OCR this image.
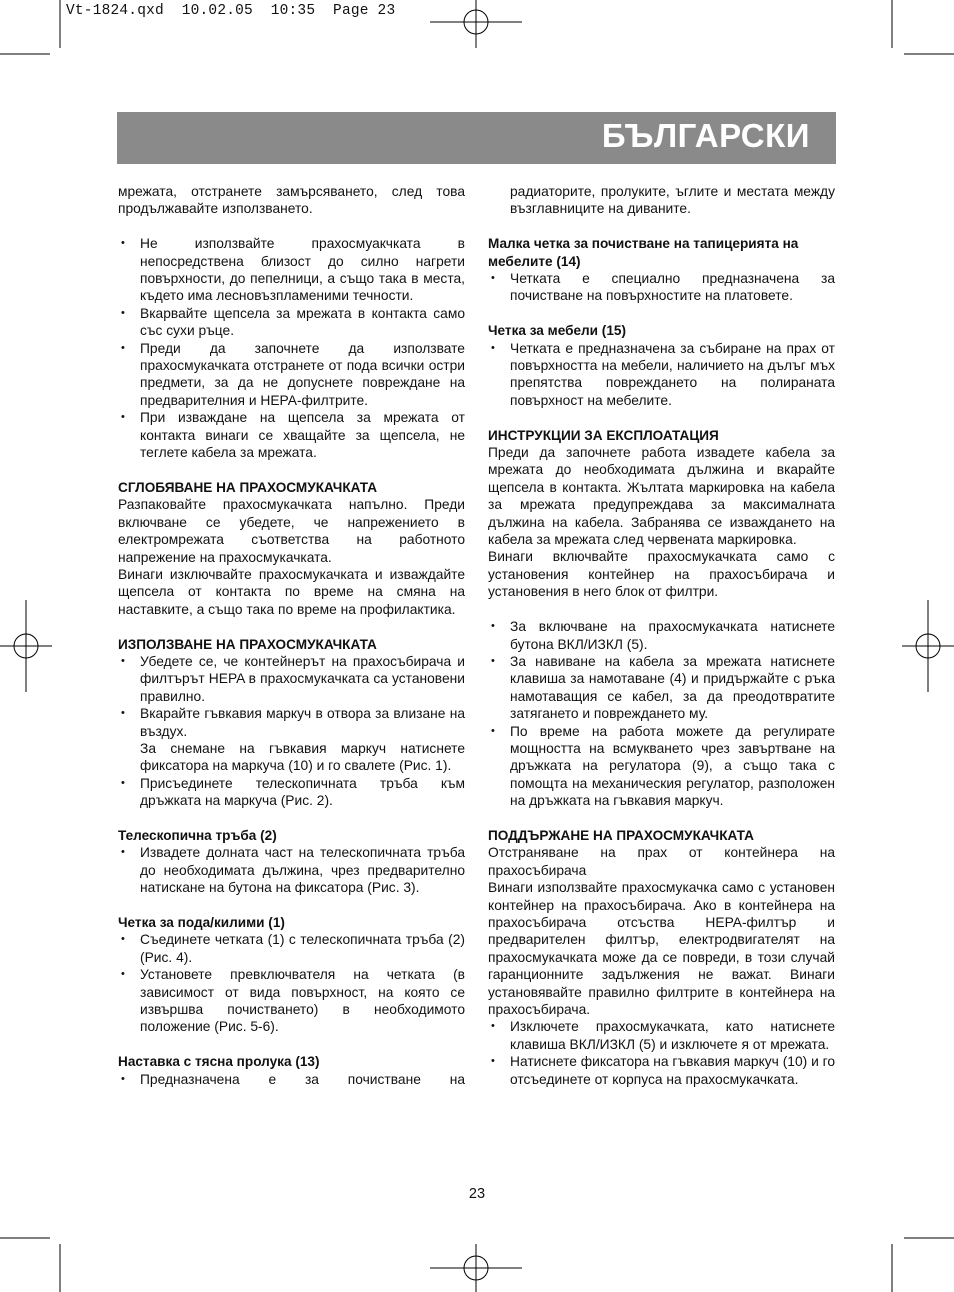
Vt-1824.qxd  10.02.05  10:35  Page 23
БЪЛГАРСКИ

мрежата, отстранете замърсяването, след това продължавайте използването.

• Не използвайте прахосмуакчката в непосредствена близост до силно нагрети повърхности, до пепелници, а също така в места, където има лесновъзпламеними течности.
• Вкарвайте щепсела за мрежата в контакта само със сухи ръце.
• Преди да започнете да използвате прахосмукачката отстранете от пода всички остри предмети, за да не допуснете повреждане на предварителния и HEPA-филтрите.
• При изваждане на щепсела за мрежата от контакта винаги се хващайте за щепсела, не теглете кабела за мрежата.

СГЛОБЯВАНЕ НА ПРАХОСМУКАЧКАТА

Разпаковайте прахосмукачката напълно. Преди включване се убедете, че напрежението в електромрежата съответства на работното напрежение на прахосмукачката.

Винаги изключвайте прахосмукачката и изваждайте щепсела от контакта по време на смяна на наставките, а също така по време на профилактика.

ИЗПОЛЗВАНЕ НА ПРАХОСМУКАЧКАТА

• Убедете се, че контейнерът на прахосъбирача и филтърът HEPA в прахосмукачката са установени правилно.
• Вкарайте гъвкавия маркуч в отвора за влизане на въздух.
За снемане на гъвкавия маркуч натиснете фиксатора на маркуча (10) и го свалете (Рис. 1).
• Присъединете телескопичната тръба към дръжката на маркуча (Рис. 2).

Телескопична тръба (2)

• Извадете долната част на телескопичната тръба до необходимата дължина, чрез предварително натискане на бутона на фиксатора (Рис. 3).

Четка за пода/килими (1)

• Съединете четката (1) с телескопичната тръба (2) (Рис. 4).
• Установете превключвателя на четката (в зависимост от вида повърхност, на която се извършва почистването) в необходимото положение (Рис. 5-6).

Наставка с тясна пролука (13)

• Предназначена е за почистване на

радиаторите, пролуките, ъглите и местата между възглавниците на диваните.

Малка четка за почистване на тапицерията на мебелите (14)

• Четката е специално предназначена за почистване на повърхностите на платовете.

Четка за мебели (15)

• Четката е предназначена за събиране на прах от повърхността на мебели, наличието на дълъг мъх препятства повреждането на полираната повърхност на мебелите.

ИНСТРУКЦИИ ЗА ЕКСПЛОАТАЦИЯ

Преди да започнете работа извадете кабела за мрежата до необходимата дължина и вкарайте щепсела в контакта. Жълтата маркировка на кабела за мрежата предупреждава за максималната дължина на кабела. Забранява се изваждането на кабела за мрежата след червената маркировка.

Винаги включвайте прахосмукачката само с установения контейнер на прахосъбирача и установения в него блок от филтри.

• За включване на прахосмукачката натиснете бутона ВКЛ/ИЗКЛ (5).
• За навиване на кабела за мрежата натиснете клавиша за намотаване (4) и придържайте с ръка намотаващия се кабел, за да преодотвратите затягането и повреждането му.
• По време на работа можете да регулирате мощността на всмукването чрез завъртване на дръжката на регулатора (9), а също така с помощта на механическия регулатор, разположен на дръжката на гъвкавия маркуч.

ПОДДЪРЖАНЕ НА ПРАХОСМУКАЧКАТА

Отстраняване на прах от контейнера на прахосъбирача

Винаги използвайте прахосмукачка само с установен контейнер на прахосъбирача. Ако в контейнера на прахосъбирача отсъства HEPA-филтър и предварителен филтър, електродвигателят на прахосмукачката може да се повреди, в този случай гаранционните задължения не важат. Винаги установявайте правилно филтрите в контейнера на прахосъбирача.

• Изключете прахосмукачката, като натиснете клавиша ВКЛ/ИЗКЛ (5) и изключете я от мрежата.
• Натиснете фиксатора на гъвкавия маркуч (10) и го отсъединете от корпуса на прахосмукачката.
23
